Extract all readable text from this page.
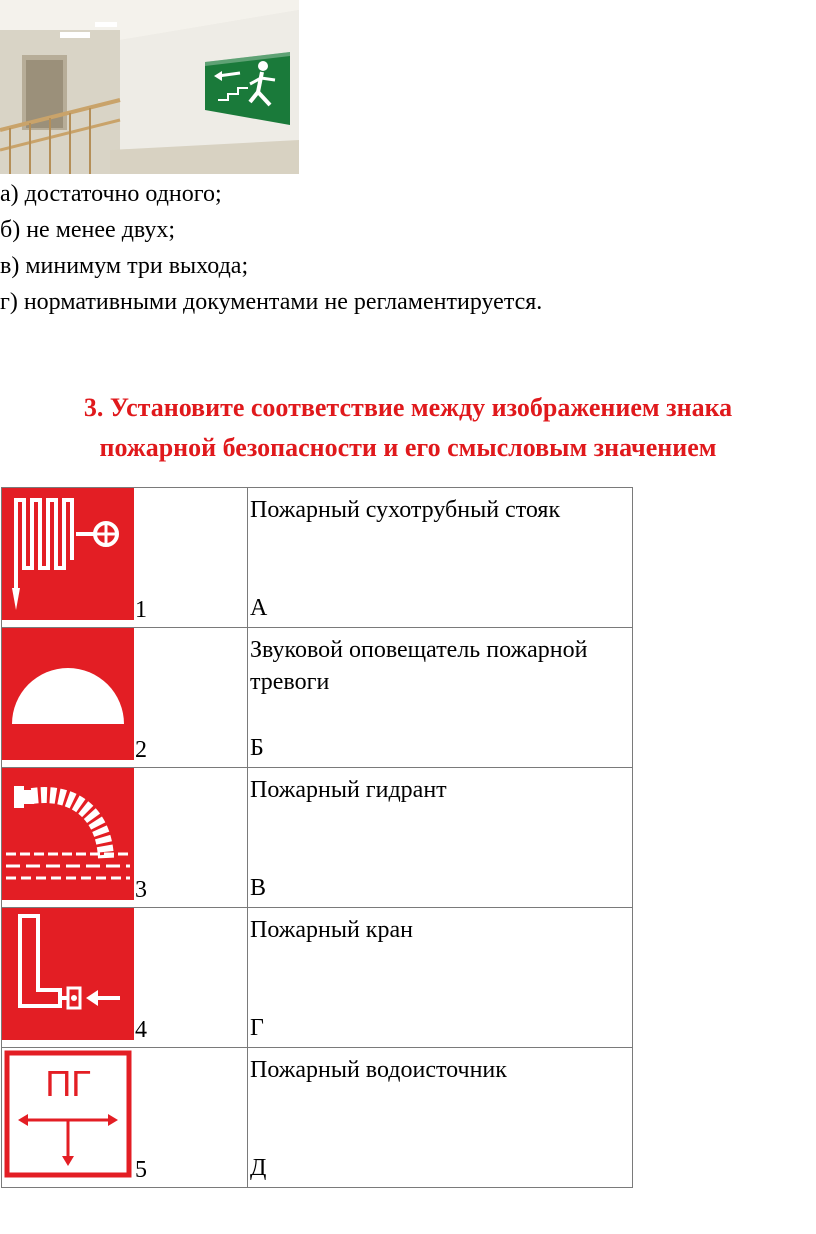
а) достаточно одного;
б) не менее двух;
в) минимум три выхода;
г) нормативными документами не регламентируется.
3. Установите соответствие между изображением знака
пожарной безопасности и его смысловым значением
1	Пожарный сухотрубный стояк
А

2	Звуковой оповещатель пожарной тревоги
Б

3	Пожарный гидрант
В

4	Пожарный кран
Г

ПГ
5	Пожарный водоисточник
Д
